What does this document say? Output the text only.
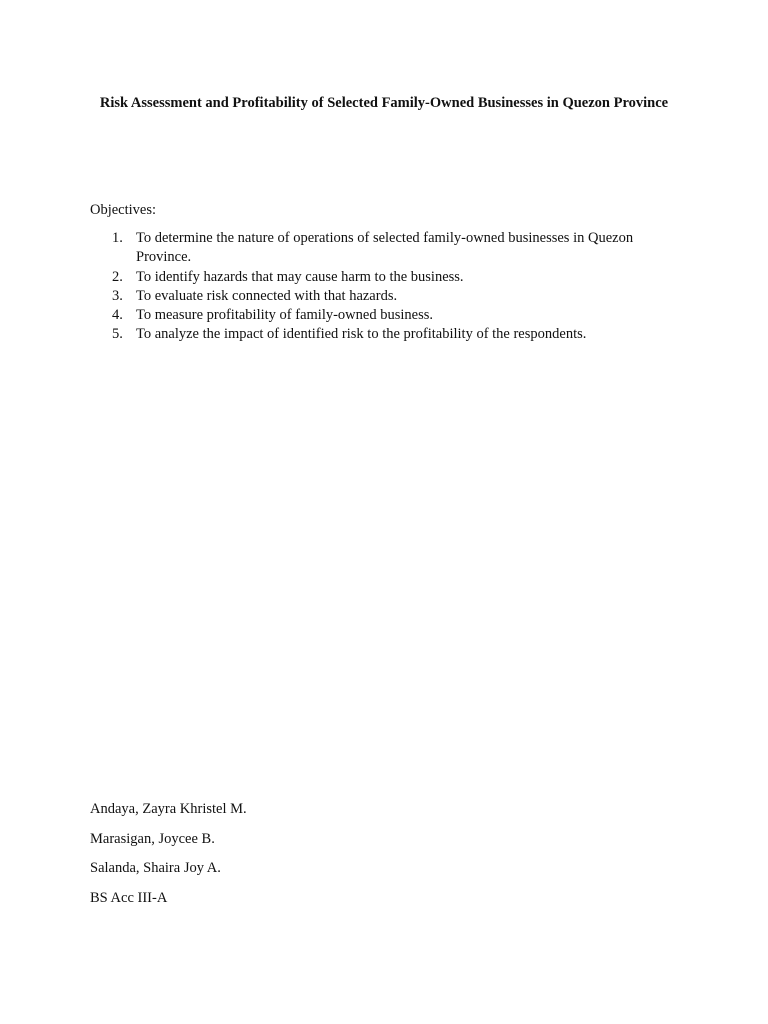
Risk Assessment and Profitability of Selected Family-Owned Businesses in Quezon Province

Objectives:

1. To determine the nature of operations of selected family-owned businesses in Quezon Province.
2. To identify hazards that may cause harm to the business.
3. To evaluate risk connected with that hazards.
4. To measure profitability of family-owned business.
5. To analyze the impact of identified risk to the profitability of the respondents.
Andaya, Zayra Khristel M.
Marasigan, Joycee B.
Salanda, Shaira Joy A.
BS Acc III-A
